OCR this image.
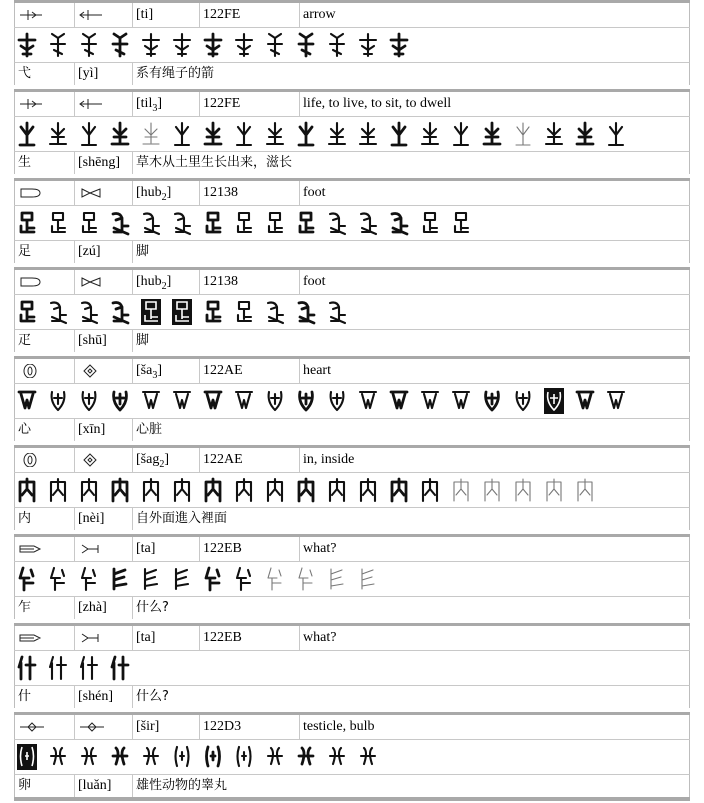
[ti]	122FE	arrow
弋	[yì]	系有绳子的箭
[til$_3$]	122FE	life, to live, to sit, to dwell
生	[shēng]	草木从土里生长出来，滋长
[hub$_2$]	12138	foot
足	[zú]	脚
[hub$_2$]	12138	foot
疋	[shū]	脚
$[ša_3]$	122AE	heart
心	[xīn]	心脏
[šag$_2$]	122AE	in, inside
内	[nèi]	自外面進入裡面
[ta]	122EB	what?
乍	[zhà]	什么?
[ta]	122EB	what?
什	[shén]	什么?
[šir]	122D3	testicle, bulb
卵	[luǎn]	雄性动物的睾丸
